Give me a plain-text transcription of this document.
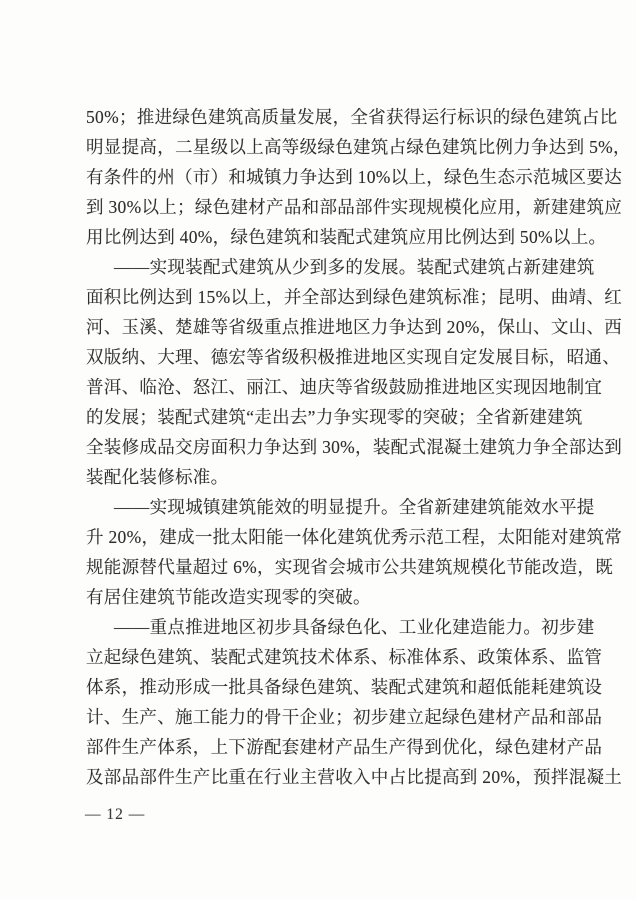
50%；推进绿色建筑高质量发展，全省获得运行标识的绿色建筑占比
明显提高，二星级以上高等级绿色建筑占绿色建筑比例力争达到 5%，
有条件的州（市）和城镇力争达到 10%以上，绿色生态示范城区要达
到 30%以上；绿色建材产品和部品部件实现规模化应用，新建建筑应
用比例达到 40%，绿色建筑和装配式建筑应用比例达到 50%以上。
——实现装配式建筑从少到多的发展。装配式建筑占新建建筑
面积比例达到 15%以上，并全部达到绿色建筑标准；昆明、曲靖、红
河、玉溪、楚雄等省级重点推进地区力争达到 20%，保山、文山、西
双版纳、大理、德宏等省级积极推进地区实现自定发展目标，昭通、
普洱、临沧、怒江、丽江、迪庆等省级鼓励推进地区实现因地制宜
的发展；装配式建筑“走出去”力争实现零的突破；全省新建建筑
全装修成品交房面积力争达到 30%，装配式混凝土建筑力争全部达到
装配化装修标准。
——实现城镇建筑能效的明显提升。全省新建建筑能效水平提
升 20%，建成一批太阳能一体化建筑优秀示范工程，太阳能对建筑常
规能源替代量超过 6%，实现省会城市公共建筑规模化节能改造，既
有居住建筑节能改造实现零的突破。
——重点推进地区初步具备绿色化、工业化建造能力。初步建
立起绿色建筑、装配式建筑技术体系、标准体系、政策体系、监管
体系，推动形成一批具备绿色建筑、装配式建筑和超低能耗建筑设
计、生产、施工能力的骨干企业；初步建立起绿色建材产品和部品
部件生产体系，上下游配套建材产品生产得到优化，绿色建材产品
及部品部件生产比重在行业主营收入中占比提高到 20%，预拌混凝土
— 12 —
